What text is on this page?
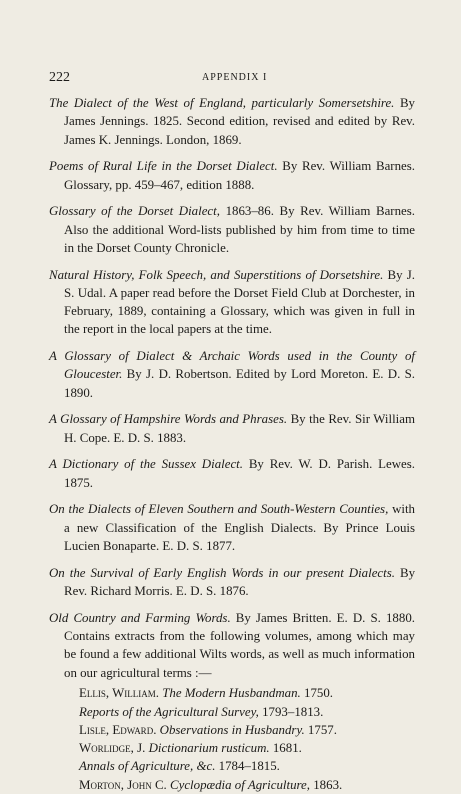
222	APPENDIX I

The Dialect of the West of England, particularly Somersetshire. By James Jennings. 1825. Second edition, revised and edited by Rev. James K. Jennings. London, 1869.

Poems of Rural Life in the Dorset Dialect. By Rev. William Barnes. Glossary, pp. 459–467, edition 1888.

Glossary of the Dorset Dialect, 1863–86. By Rev. William Barnes. Also the additional Word-lists published by him from time to time in the Dorset County Chronicle.

Natural History, Folk Speech, and Superstitions of Dorsetshire. By J. S. Udal. A paper read before the Dorset Field Club at Dorchester, in February, 1889, containing a Glossary, which was given in full in the report in the local papers at the time.

A Glossary of Dialect & Archaic Words used in the County of Gloucester. By J. D. Robertson. Edited by Lord Moreton. E. D. S. 1890.

A Glossary of Hampshire Words and Phrases. By the Rev. Sir William H. Cope. E. D. S. 1883.

A Dictionary of the Sussex Dialect. By Rev. W. D. Parish. Lewes. 1875.

On the Dialects of Eleven Southern and South-Western Counties, with a new Classification of the English Dialects. By Prince Louis Lucien Bonaparte. E. D. S. 1877.

On the Survival of Early English Words in our present Dialects. By Rev. Richard Morris. E. D. S. 1876.

Old Country and Farming Words. By James Britten. E. D. S. 1880. Contains extracts from the following volumes, among which may be found a few additional Wilts words, as well as much information on our agricultural terms :—

Ellis, William. The Modern Husbandman. 1750.
Reports of the Agricultural Survey, 1793–1813.
Lisle, Edward. Observations in Husbandry. 1757.
Worlidge, J. Dictionarium rusticum. 1681.
Annals of Agriculture, &c. 1784–1815.
Morton, John C. Cyclopædia of Agriculture, 1863.
